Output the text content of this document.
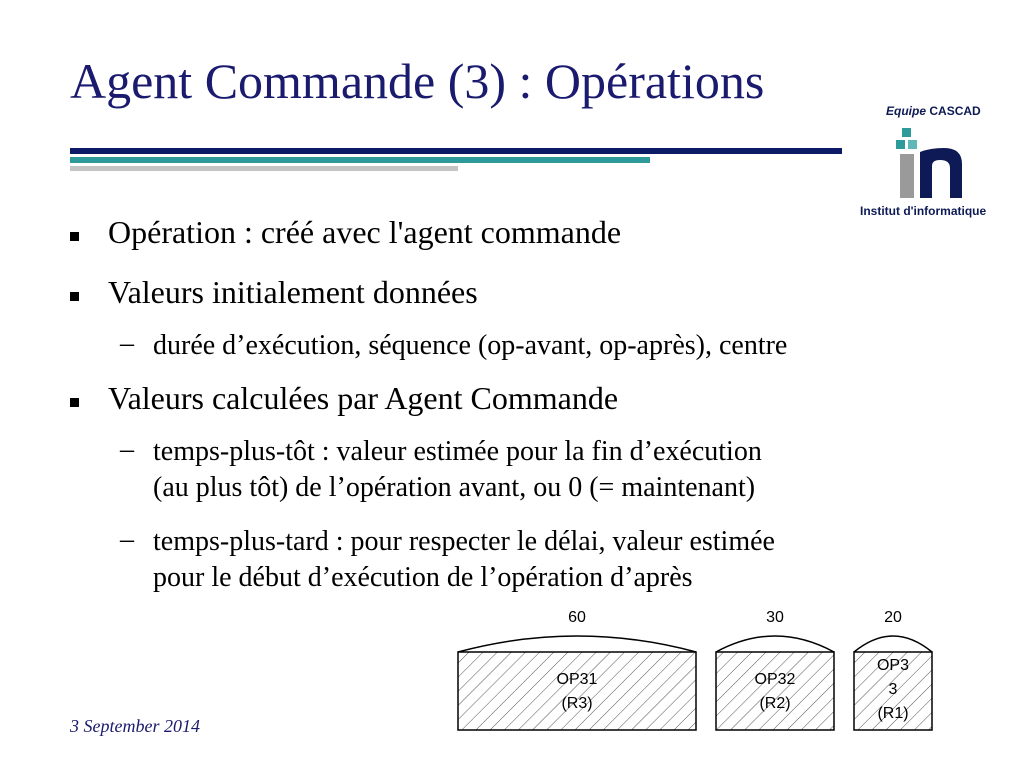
Agent Commande (3) : Opérations
Equipe CASCAD
Institut d'informatique
Opération : créé avec l'agent commande
Valeurs initialement données
– durée d’exécution, séquence (op-avant, op-après), centre
Valeurs calculées par Agent Commande
– temps-plus-tôt : valeur estimée pour la fin d’exécution
(au plus tôt) de l’opération avant, ou 0 (= maintenant)
– temps-plus-tard : pour respecter le délai, valeur estimée
pour le début d’exécution de l’opération d’après
60
OP31
(R3)
30
OP32
(R2)
20
OP3
3
(R1)
3 September 2014
